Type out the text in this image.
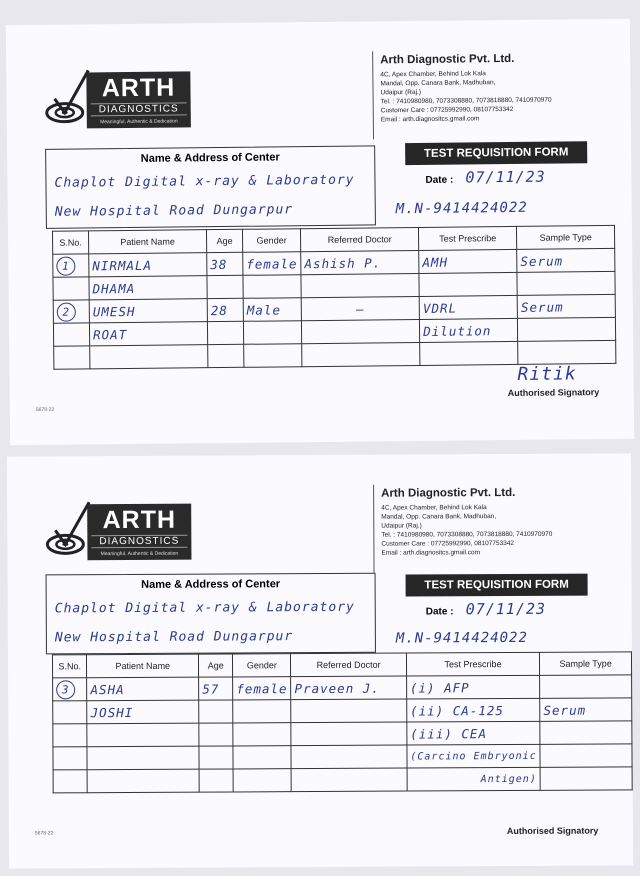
ARTH
DIAGNOSTICS
Meaningful, Authentic & Dedication
Arth Diagnostic Pvt. Ltd.
4C, Apex Chamber, Behind Lok Kala
Mandal, Opp. Canara Bank, Madhuban,
Udaipur (Raj.)
Tel. : 7410980980, 7073308880, 7073818880, 7410970970
Customer Care : 07725992990, 08107753342
Email : arth.diagnositcs.gmail.com
Name & Address of Center
Chaplot Digital x-ray & Laboratory
New Hospital Road Dungarpur
TEST REQUISITION FORM
Date : 07/11/23
M.N-9414424022
S.No.	Patient Name	Age	Gender	Referred Doctor	Test Prescribe	Sample Type
1	NIRMALA	38	female	Ashish P.	AMH	Serum
	DHAMA					
2	UMESH	28	Male	—	VDRL	Serum
	ROAT				Dilution	

Ritik
Authorised Signatory
5678-22
ARTH
DIAGNOSTICS
Meaningful, Authentic & Dedication
Arth Diagnostic Pvt. Ltd.
4C, Apex Chamber, Behind Lok Kala
Mandal, Opp. Canara Bank, Madhuban,
Udaipur (Raj.)
Tel. : 7410980980, 7073308880, 7073818880, 7410970970
Customer Care : 07725992990, 08107753342
Email : arth.diagnositcs.gmail.com
Name & Address of Center
Chaplot Digital x-ray & Laboratory
New Hospital Road Dungarpur
TEST REQUISITION FORM
Date : 07/11/23
M.N-9414424022
S.No.	Patient Name	Age	Gender	Referred Doctor	Test Prescribe	Sample Type
3	ASHA	57	female	Praveen J.	(i) AFP	
	JOSHI				(ii) CA-125	Serum
					(iii) CEA	
					(Carcino Embryonic	
					Antigen)	
Authorised Signatory
5678-22
